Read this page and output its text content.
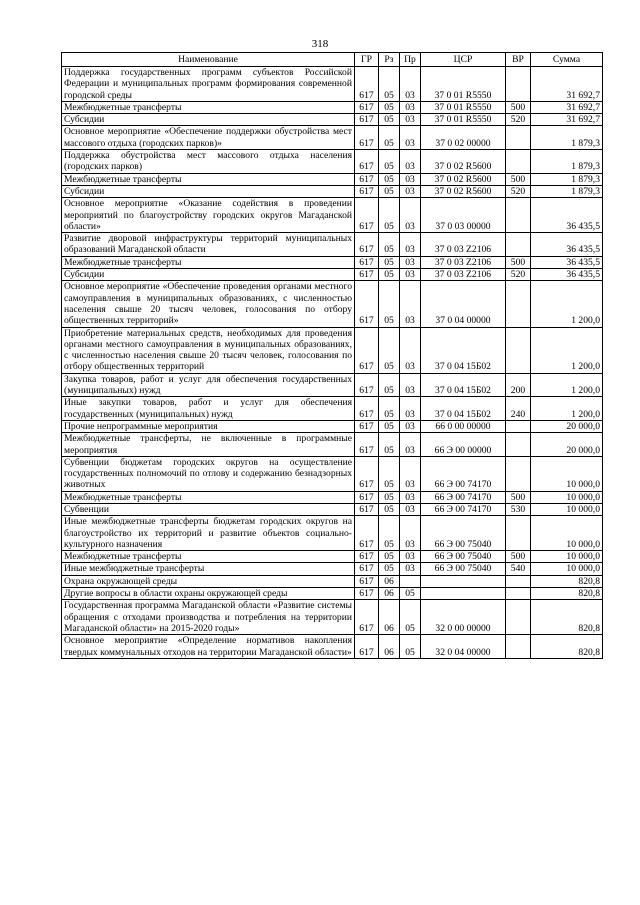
318
Наименование	ГР	Рз	Пр	ЦСР	ВР	Сумма
Поддержка государственных программ субъектов Российской Федерации и муниципальных программ формирования современной городской среды	617	05	03	37 0 01 R5550		31 692,7
Межбюджетные трансферты	617	05	03	37 0 01 R5550	500	31 692,7
Субсидии	617	05	03	37 0 01 R5550	520	31 692,7
Основное мероприятие «Обеспечение поддержки обустройства мест массового отдыха (городских парков)»	617	05	03	37 0 02 00000		1 879,3
Поддержка обустройства мест массового отдыха населения (городских парков)	617	05	03	37 0 02 R5600		1 879,3
Межбюджетные трансферты	617	05	03	37 0 02 R5600	500	1 879,3
Субсидии	617	05	03	37 0 02 R5600	520	1 879,3
Основное мероприятие «Оказание содействия в проведении мероприятий по благоустройству городских округов Магаданской области»	617	05	03	37 0 03 00000		36 435,5
Развитие дворовой инфраструктуры территорий муниципальных образований Магаданской области	617	05	03	37 0 03 Z2106		36 435,5
Межбюджетные трансферты	617	05	03	37 0 03 Z2106	500	36 435,5
Субсидии	617	05	03	37 0 03 Z2106	520	36 435,5
Основное мероприятие «Обеспечение проведения органами местного самоуправления в муниципальных образованиях, с численностью населения свыше 20 тысяч человек, голосования по отбору общественных территорий»	617	05	03	37 0 04 00000		1 200,0
Приобретение материальных средств, необходимых для проведения органами местного самоуправления в муниципальных образованиях, с численностью населения свыше 20 тысяч человек, голосования по отбору общественных территорий	617	05	03	37 0 04 15Б02		1 200,0
Закупка товаров, работ и услуг для обеспечения государственных (муниципальных) нужд	617	05	03	37 0 04 15Б02	200	1 200,0
Иные закупки товаров, работ и услуг для обеспечения государственных (муниципальных) нужд	617	05	03	37 0 04 15Б02	240	1 200,0
Прочие непрограммные мероприятия	617	05	03	66 0 00 00000		20 000,0
Межбюджетные трансферты, не включенные в программные мероприятия	617	05	03	66 Э 00 00000		20 000,0
Субвенции бюджетам городских округов на осуществление государственных полномочий по отлову и содержанию безнадзорных животных	617	05	03	66 Э 00 74170		10 000,0
Межбюджетные трансферты	617	05	03	66 Э 00 74170	500	10 000,0
Субвенции	617	05	03	66 Э 00 74170	530	10 000,0
Иные межбюджетные трансферты бюджетам городских округов на благоустройство их территорий и развитие объектов социально-культурного назначения	617	05	03	66 Э 00 75040		10 000,0
Межбюджетные трансферты	617	05	03	66 Э 00 75040	500	10 000,0
Иные межбюджетные трансферты	617	05	03	66 Э 00 75040	540	10 000,0
Охрана окружающей среды	617	06				820,8
Другие вопросы в области охраны окружающей среды	617	06	05			820,8
Государственная программа Магаданской области «Развитие системы обращения с отходами производства и потребления на территории Магаданской области» на 2015-2020 годы»	617	06	05	32 0 00 00000		820,8
Основное мероприятие «Определение нормативов накопления твердых коммунальных отходов на территории Магаданской области»	617	06	05	32 0 04 00000		820,8
